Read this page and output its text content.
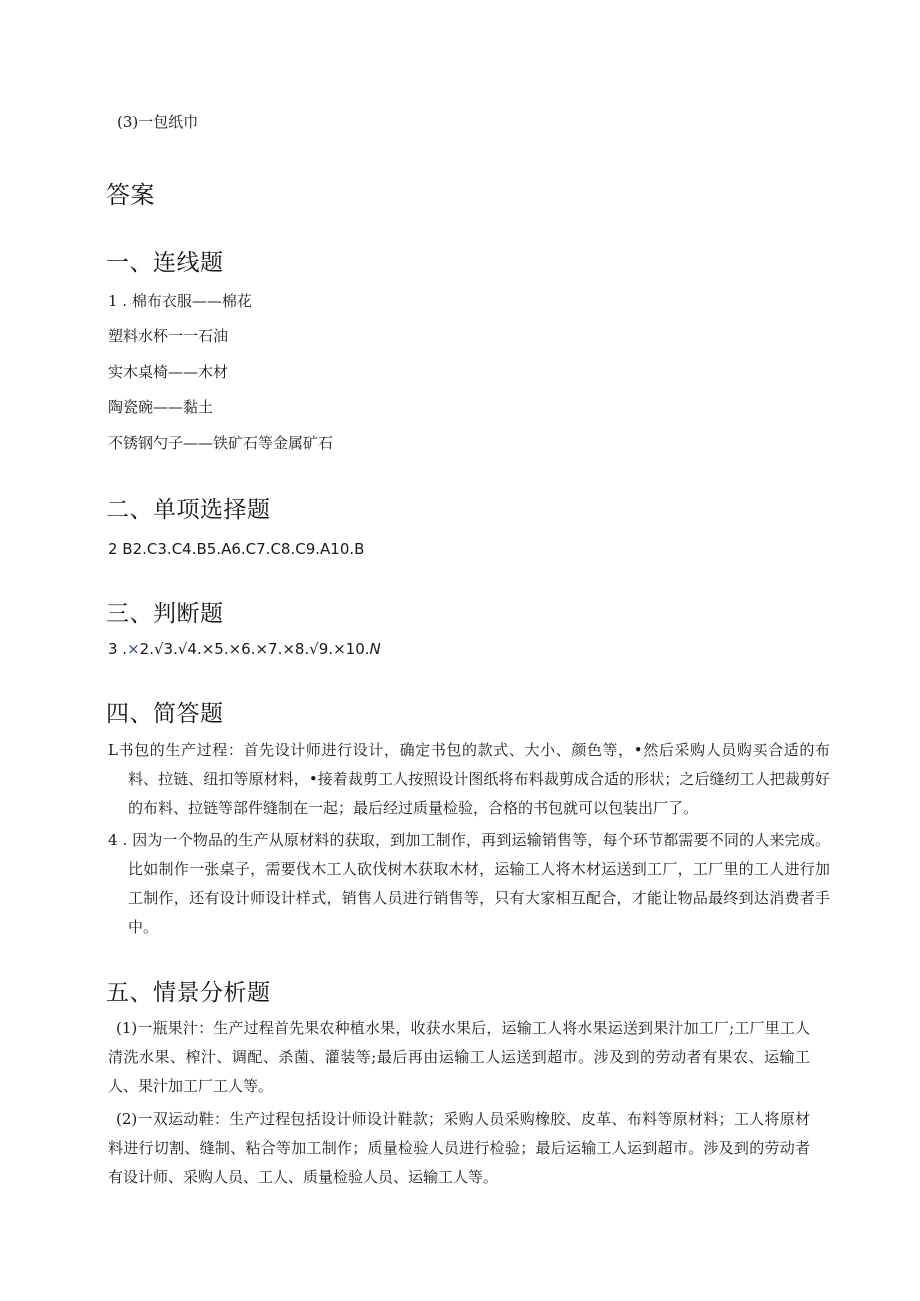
(3)一包纸巾
答案
一、连线题
1 . 棉布衣服——棉花
塑料水杯一一石油
实木桌椅——木材
陶瓷碗——黏土
不锈钢勺子——铁矿石等金属矿石
二、单项选择题
2 B2.C3.C4.B5.A6.C7.C8.C9.A10.B
三、判断题
3 .×2.√3.√4.×5.×6.×7.×8.√9.×10.N
四、简答题
L书包的生产过程：首先设计师进行设计，确定书包的款式、大小、颜色等，•然后采购人员购买合适的布料、拉链、纽扣等原材料，•接着裁剪工人按照设计图纸将布料裁剪成合适的形状；之后缝纫工人把裁剪好的布料、拉链等部件缝制在一起；最后经过质量检验，合格的书包就可以包装出厂了。
4 . 因为一个物品的生产从原材料的获取，到加工制作，再到运输销售等，每个环节都需要不同的人来完成。比如制作一张桌子，需要伐木工人砍伐树木获取木材，运输工人将木材运送到工厂，工厂里的工人进行加工制作，还有设计师设计样式，销售人员进行销售等，只有大家相互配合，才能让物品最终到达消费者手中。
五、情景分析题
(1)一瓶果汁：生产过程首先果农种植水果，收获水果后，运输工人将水果运送到果汁加工厂;工厂里工人清洗水果、榨汁、调配、杀菌、灌装等;最后再由运输工人运送到超市。涉及到的劳动者有果农、运输工人、果汁加工厂工人等。
(2)一双运动鞋：生产过程包括设计师设计鞋款；采购人员采购橡胶、皮革、布料等原材料；工人将原材料进行切割、缝制、粘合等加工制作；质量检验人员进行检验；最后运输工人运到超市。涉及到的劳动者有设计师、采购人员、工人、质量检验人员、运输工人等。
